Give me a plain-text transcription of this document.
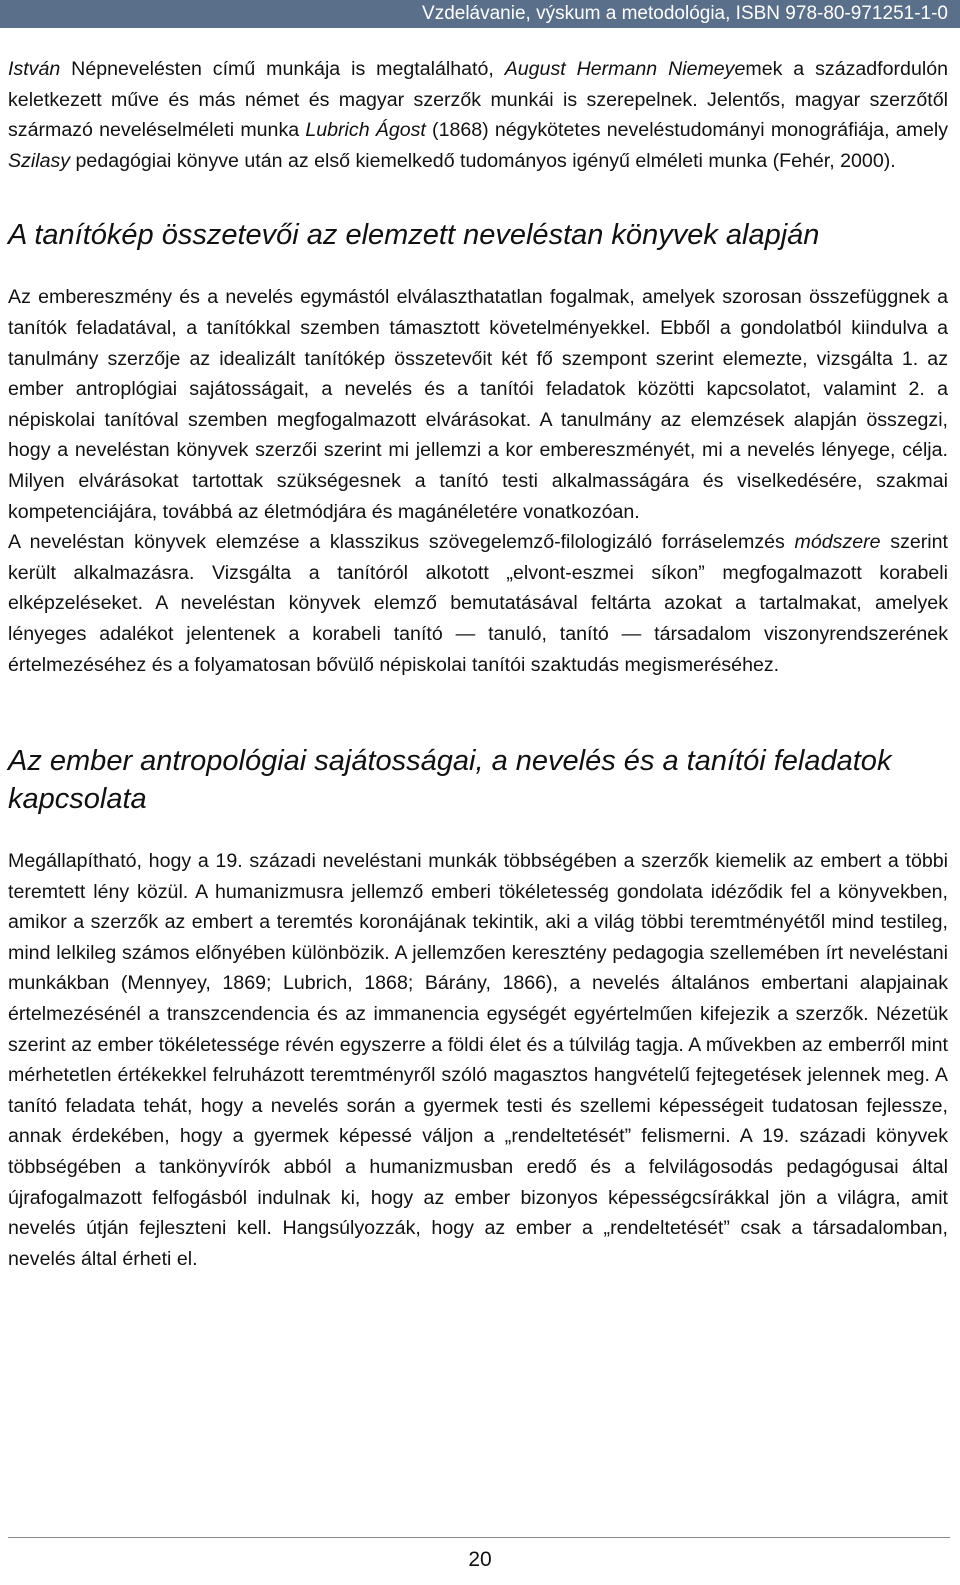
Vzdelávanie, výskum a metodológia, ISBN 978-80-971251-1-0

István Népnevelésten című munkája is megtalálható, August Hermann Niemeyemek a századfordulón keletkezett műve és más német és magyar szerzők munkái is szerepelnek. Jelentős, magyar szerzőtől származó neveléselméleti munka Lubrich Ágost (1868) négykötetes neveléstudományi monográfiája, amely Szilasy pedagógiai könyve után az első kiemelkedő tudományos igényű elméleti munka (Fehér, 2000).

A tanítókép összetevői az elemzett neveléstan könyvek alapján

Az embereszmény és a nevelés egymástól elválaszthatatlan fogalmak, amelyek szorosan összefüggnek a tanítók feladatával, a tanítókkal szemben támasztott követelményekkel. Ebből a gondolatból kiindulva a tanulmány szerzője az idealizált tanítókép összetevőit két fő szempont szerint elemezte, vizsgálta 1. az ember antroplógiai sajátosságait, a nevelés és a tanítói feladatok közötti kapcsolatot, valamint 2. a népiskolai tanítóval szemben megfogalmazott elvárásokat. A tanulmány az elemzések alapján összegzi, hogy a neveléstan könyvek szerzői szerint mi jellemzi a kor embereszményét, mi a nevelés lényege, célja. Milyen elvárásokat tartottak szükségesnek a tanító testi alkalmasságára és viselkedésére, szakmai kompetenciájára, továbbá az életmódjára és magánéletére vonatkozóan.

A neveléstan könyvek elemzése a klasszikus szövegelemző-filologizáló forráselemzés módszere szerint került alkalmazásra. Vizsgálta a tanítóról alkotott „elvont-eszmei síkon” megfogalmazott korabeli elképzeléseket. A neveléstan könyvek elemző bemutatásával feltárta azokat a tartalmakat, amelyek lényeges adalékot jelentenek a korabeli tanító — tanuló, tanító — társadalom viszonyrendszerének értelmezéséhez és a folyamatosan bővülő népiskolai tanítói szaktudás megismeréséhez.

Az ember antropológiai sajátosságai, a nevelés és a tanítói feladatok kapcsolata

Megállapítható, hogy a 19. századi neveléstani munkák többségében a szerzők kiemelik az embert a többi teremtett lény közül. A humanizmusra jellemző emberi tökéletesség gondolata idéződik fel a könyvekben, amikor a szerzők az embert a teremtés koronájának tekintik, aki a világ többi teremtményétől mind testileg, mind lelkileg számos előnyében különbözik. A jellemzően keresztény pedagogia szellemében írt neveléstani munkákban (Mennyey, 1869; Lubrich, 1868; Bárány, 1866), a nevelés általános embertani alapjainak értelmezésénél a transzcendencia és az immanencia egységét egyértelműen kifejezik a szerzők. Nézetük szerint az ember tökéletessége révén egyszerre a földi élet és a túlvilág tagja. A művekben az emberről mint mérhetetlen értékekkel felruházott teremtményről szóló magasztos hangvételű fejtegetések jelennek meg. A tanító feladata tehát, hogy a nevelés során a gyermek testi és szellemi képességeit tudatosan fejlessze, annak érdekében, hogy a gyermek képessé váljon a „rendeltetését” felismerni. A 19. századi könyvek többségében a tankönyvírók abból a humanizmusban eredő és a felvilágosodás pedagógusai által újrafogalmazott felfogásból indulnak ki, hogy az ember bizonyos képességcsírákkal jön a világra, amit nevelés útján fejleszteni kell. Hangsúlyozzák, hogy az ember a „rendeltetését” csak a társadalomban, nevelés által érheti el.

20
